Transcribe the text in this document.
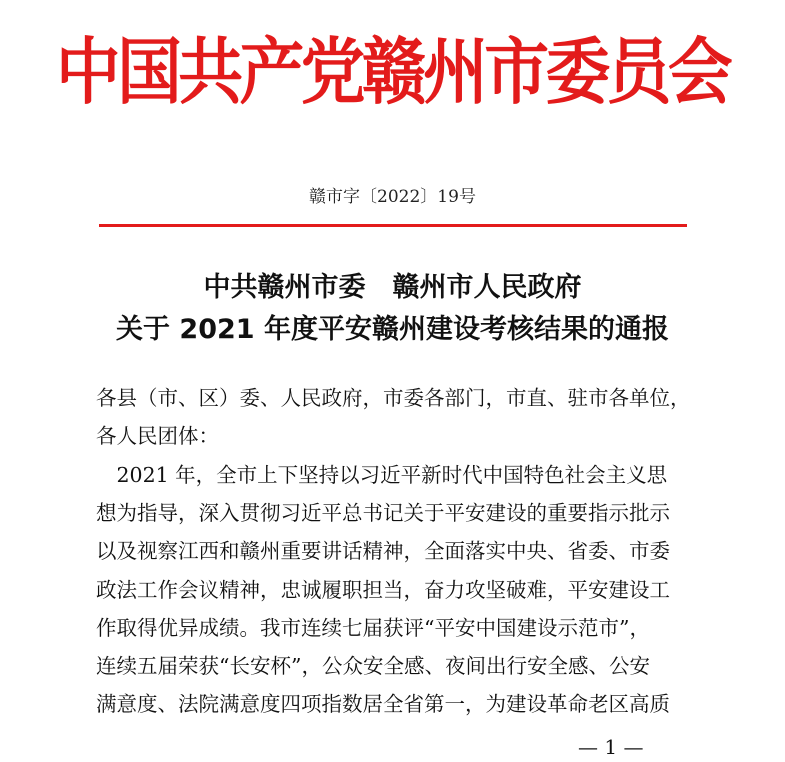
中国共产党赣州市委员会
赣市字〔2022〕19号
中共赣州市委　赣州市人民政府
关于 2021 年度平安赣州建设考核结果的通报
各县（市、区）委、人民政府，市委各部门，市直、驻市各单位，
各人民团体：
　2021 年，全市上下坚持以习近平新时代中国特色社会主义思
想为指导，深入贯彻习近平总书记关于平安建设的重要指示批示
以及视察江西和赣州重要讲话精神，全面落实中央、省委、市委
政法工作会议精神，忠诚履职担当，奋力攻坚破难，平安建设工
作取得优异成绩。我市连续七届获评“平安中国建设示范市”，
连续五届荣获“长安杯”，公众安全感、夜间出行安全感、公安
满意度、法院满意度四项指数居全省第一，为建设革命老区高质
— 1 —
